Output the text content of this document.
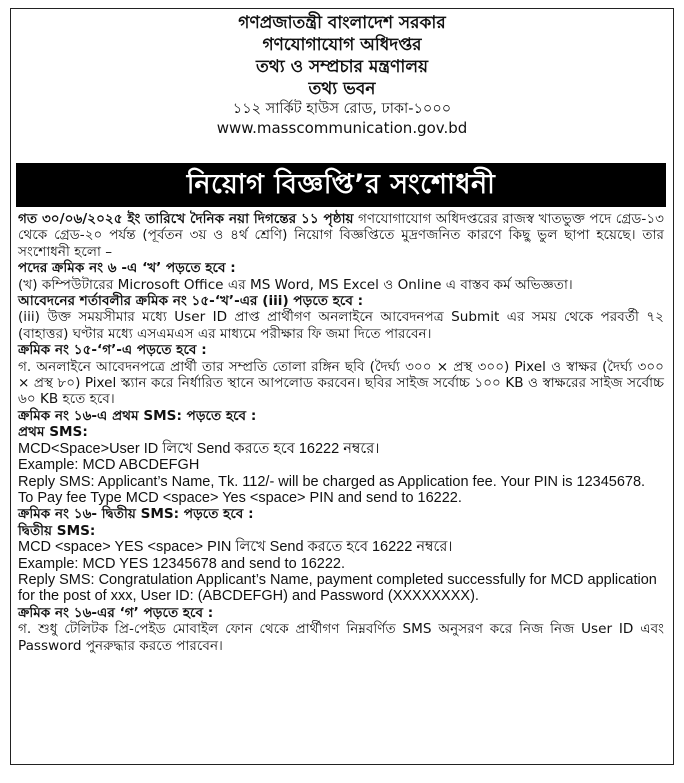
গণপ্রজাতন্ত্রী বাংলাদেশ সরকার
গণযোগাযোগ অধিদপ্তর
তথ্য ও সম্প্রচার মন্ত্রণালয়
তথ্য ভবন
১১২ সার্কিট হাউস রোড, ঢাকা-১০০০
www.masscommunication.gov.bd
নিয়োগ বিজ্ঞপ্তি’র সংশোধনী

গত ৩০/০৬/২০২৫ ইং তারিখে দৈনিক নয়া দিগন্তের ১১ পৃষ্ঠায় গণযোগাযোগ অধিদপ্তরের রাজস্ব খাতভুক্ত পদে গ্রেড-১৩ থেকে গ্রেড-২০ পর্যন্ত (পূর্বতন ৩য় ও ৪র্থ শ্রেণি) নিয়োগ বিজ্ঞপ্তিতে মুদ্রণজনিত কারণে কিছু ভুল ছাপা হয়েছে। তার সংশোধনী হলো –

পদের ক্রমিক নং ৬ -এ ‘খ’ পড়তে হবে :

(খ) কম্পিউটারের Microsoft Office এর MS Word, MS Excel ও Online এ বাস্তব কর্ম অভিজ্ঞতা।

আবেদনের শর্তাবলীর ক্রমিক নং ১৫-‘খ’-এর (iii) পড়তে হবে :

(iii) উক্ত সময়সীমার মধ্যে User ID প্রাপ্ত প্রার্থীগণ অনলাইনে আবেদনপত্র Submit এর সময় থেকে পরবর্তী ৭২ (বাহাত্তর) ঘণ্টার মধ্যে এসএমএস এর মাধ্যমে পরীক্ষার ফি জমা দিতে পারবেন।

ক্রমিক নং ১৫-‘গ’-এ পড়তে হবে :

গ. অনলাইনে আবেদনপত্রে প্রার্থী তার সম্প্রতি তোলা রঙ্গিন ছবি (দৈর্ঘ্য ৩০০ × প্রস্থ ৩০০) Pixel ও স্বাক্ষর (দৈর্ঘ্য ৩০০ × প্রস্থ ৮০) Pixel স্ক্যান করে নির্ধারিত স্থানে আপলোড করবেন। ছবির সাইজ সর্বোচ্চ ১০০ KB ও স্বাক্ষরের সাইজ সর্বোচ্চ ৬০ KB হতে হবে।

ক্রমিক নং ১৬-এ প্রথম SMS: পড়তে হবে :

প্রথম SMS:

MCD<Space>User ID লিখে Send করতে হবে 16222 নম্বরে।

Example: MCD ABCDEFGH

Reply SMS: Applicant’s Name, Tk. 112/- will be charged as Application fee. Your PIN is 12345678.

To Pay fee Type MCD <space> Yes <space> PIN and send to 16222.

ক্রমিক নং ১৬- দ্বিতীয় SMS: পড়তে হবে :

দ্বিতীয় SMS:

MCD <space> YES <space> PIN লিখে Send করতে হবে 16222 নম্বরে।

Example: MCD YES 12345678 and send to 16222.

Reply SMS: Congratulation Applicant’s Name, payment completed successfully for MCD application

for the post of xxx, User ID: (ABCDEFGH) and Password (XXXXXXXX).

ক্রমিক নং ১৬-এর ‘গ’ পড়তে হবে :

গ. শুধু টেলিটক প্রি-পেইড মোবাইল ফোন থেকে প্রার্থীগণ নিম্নবর্ণিত SMS অনুসরণ করে নিজ নিজ User ID এবং Password পুনরুদ্ধার করতে পারবেন।
